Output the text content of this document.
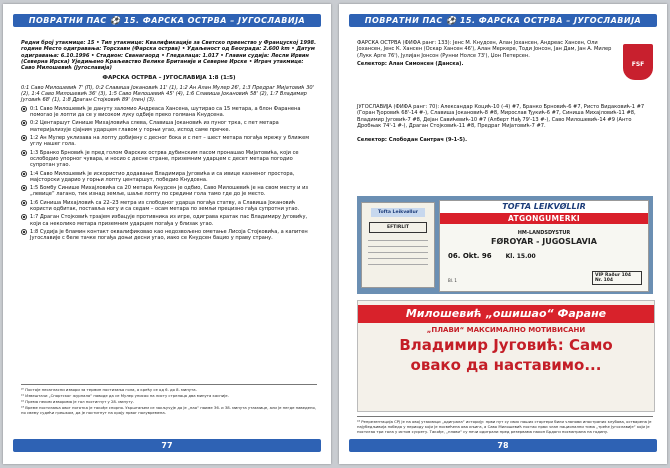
ПОВРАТНИ ПАС ⚽ 15. ФАРСКА ОСТРВА – ЈУГОСЛАВИЈА

Редни број утакмице: 15 • Тип утакмице: Квалификације за Светско првенство у Француској 1998. године Место одигравања: Торсхавн (Фарска острва) • Удаљеност од Београда: 2.600 km • Датум одигравања: 6.10.1996 • Стадион: Сванагаорд • Гледалаца: 1.017 • Главни судија: Лесли Ирвин (Северна Ирска) Уједињено Краљевство Велике Британије и Северне Ирске • Играч утакмице: Саво Милошевић (Југославија)

ФАРСКА ОСТРВА – ЈУГОСЛАВИЈА 1:8 (1:5)

0:1 Саво Милошевић 7' (П), 0:2 Славиша Јокановић 11' (1), 1:2 Ан Алан Мулер 26', 1:3 Предраг Мијатовић 30' (2), 1:4 Саво Милошевић 36' (3), 1:5 Саво Милошевић 45' (4), 1:6 Славиша Јокановић 58' (2), 1:7 Владимир Југовић 68' (1), 1:8 Драган Стојковић 89' (пен) (3).

0:1 Саво Милошевић је дануту заломио Андреаса Хансена, шутирао са 15 метара, а блон Фаранена помогао је лопти да се у високом луку одбије преко голмана Кнудсена.
0:2 Центаршут Синише Михајловића слева, Славиша Јокановић из пуног трка, с пет метара материјализује сјајним ударцем главом у горњи угао, испод саме пречке.
1:2 Ан Мулер уклизава на лопту добијену с десног бока и с пет – шест метара погађа мрежу у ближем углу нашег гола.
1:3 Бранко Брновић је пред голом Фарских острва дубинским пасом пронашао Мијатовића, који се ослободио упорног чувара, и носио с десне стране, приземним ударцем с десет метара погодио супротан угао.
1:4 Саво Милошевић је искористио додавање Владимира Југовића и са ивице казненог простора, мајсторски ударио у горњи лопту центаршут, победио Кнудсена.
1:5 Бомбу Синише Михајловића са 20 метара Кнудсен је одбио, Саво Милошевић је на свом месту и из „левице“ лагано, тик изнад земље, шаље лопту по средини гола тамо где до је место.
1:6 Синиша Михајловић са 22–23 метра из слободног ударца погађа статву, а Славиша Јокановић користи одбитак, поставља ногу и са седам – осам метара по земљи прецизно гађа супротни угао.
1:7 Драган Стојковић трзајем избацује противника из игре, одиграва кратак пас Владимиру Југовићу, који са неколико метара приземним ударцем погађа у близак угао.
1:8 Судија је бламин контакт оквалификовао као недозвољено ометање Лисоја Стојковића, а капитен Југославије с беле тачке погађа доњи десни угао, иако се Кнудсен бацио у праву страну.
²⁰ Постоје несагласни извори за термин постизања гола, а крећу се од 6. до 8. минута.
²¹ Извештачи „Спортског журнала“ наводе да се Мулер уписао на листу стрелаца два минута касније.
²² Према неким изворима је гол постигнут у 28. минуту.
²³ Време постизања овог поготка је такође спорно. Укрштањем се закључује да је „пао“ наиме 36. и 38. минута утакмице, али је негде наведено, по свему судећи грешком, да је постигнут на крају првог полувремена.
77
ПОВРАТНИ ПАС ⚽ 15. ФАРСКА ОСТРВА – ЈУГОСЛАВИЈА

ФАРСКА ОСТРВА (ФИФА ранг: 133): Јенс М. Кнудсен, Алан Јохансен, Андреас Хансен, Оли Јохансен, Јенс К. Хансен (Оскар Хансен 46'), Алан Меркере, Тоди Јонсон, Јан Дам, Јан А. Милер (Лукк Арге 76'), Јулијан Јонсон (Рунни Нолсе 73'), Џон Петерсен.

Селектор: Алан Симонсен (Данска).	FSF

ЈУГОСЛАВИЈА (ФИФА ранг: 70): Александар Коцић-10 (-4) #7, Бранко Брновић-6 #7, Ристо Видаковић-1 #7 (Горан Ђоровић 68'-14 #-), Славиша Јокановић-8 #8, Мирослав Ђукић-6 #7, Синиша Михајловић-11 #8, Владимир Југовић-7 #8, Дејан Савићевић-10 #7 (Алберт Нађ 79'-13 #-), Саво Милошевић-14 #9 (Анто Дробњак 74'-1 #-), Драган Стојковић-11 #8, Предраг Мијатовић-7 #7.

Селектор: Слободан Сантрач (9-1-5).

Tofta Leikvøllur
EFTIRLIT
TOFTA LEIKVØLLIR
ATGONGUMERKI
HM-LANDSDYSTUR
FØROYAR - JUGOSLAVIA
06. Okt. 96 Kl. 15.00
Bl. 1
VIP Raður 104 Nr. 104
Милошевић „ошишао“ Фаране
„ПЛАВИ“ МАКСИМАЛНО МОТИВИСАНИ
Владимир Југовић: Само
овако да наставимо...
²⁴ Репрезентација СРЈ је на овој утакмици „одиграла“ историју: први пут су свих наших стартери били чланови иностраних клубова, остварена је најубедљивија победа у периоду који је посвећена ова књига, а Саво Милошевић постао први члан национални тима „треће Југославије“ који је постигао три гола у истом сусрету. Такође, „плави“ су нечи одиграли пред резервама након Брдоги посматрана на годину.
78
